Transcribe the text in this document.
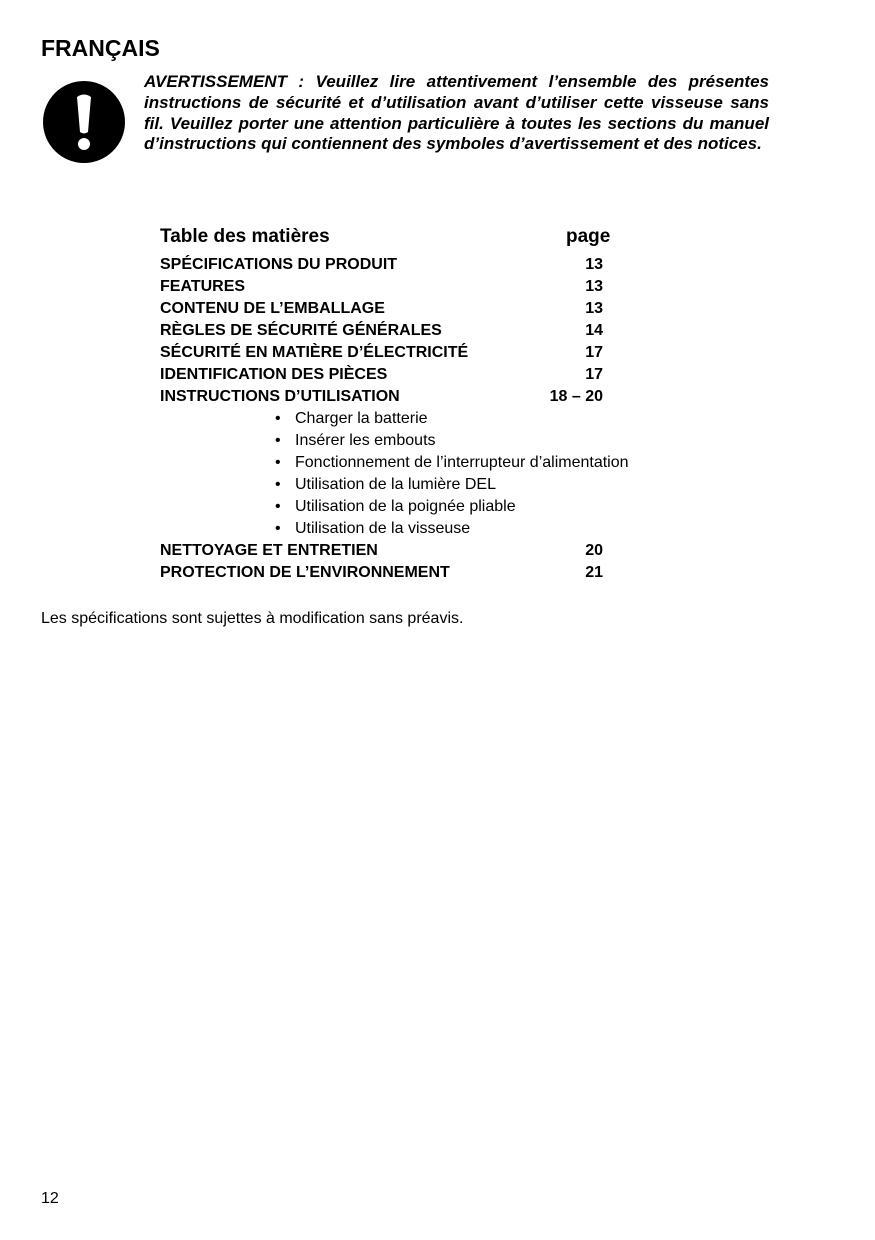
FRANÇAIS

AVERTISSEMENT : Veuillez lire attentivement l’ensemble des présentes instructions de sécurité et d’utilisation avant d’utiliser cette visseuse sans fil. Veuillez porter une attention particulière à toutes les sections du manuel d’instructions qui contiennent des symboles d’avertissement et des notices.

Table des matières	page
SPÉCIFICATIONS DU PRODUIT	13
FEATURES	13
CONTENU DE L’EMBALLAGE	13
RÈGLES DE SÉCURITÉ GÉNÉRALES	14
SÉCURITÉ EN MATIÈRE D’ÉLECTRICITÉ	17
IDENTIFICATION DES PIÈCES	17
INSTRUCTIONS D’UTILISATION	18 – 20
• Charger la batterie
• Insérer les embouts
• Fonctionnement de l’interrupteur d’alimentation
• Utilisation de la lumière DEL
• Utilisation de la poignée pliable
• Utilisation de la visseuse
NETTOYAGE ET ENTRETIEN	20
PROTECTION DE L’ENVIRONNEMENT	21

Les spécifications sont sujettes à modification sans préavis.

12
